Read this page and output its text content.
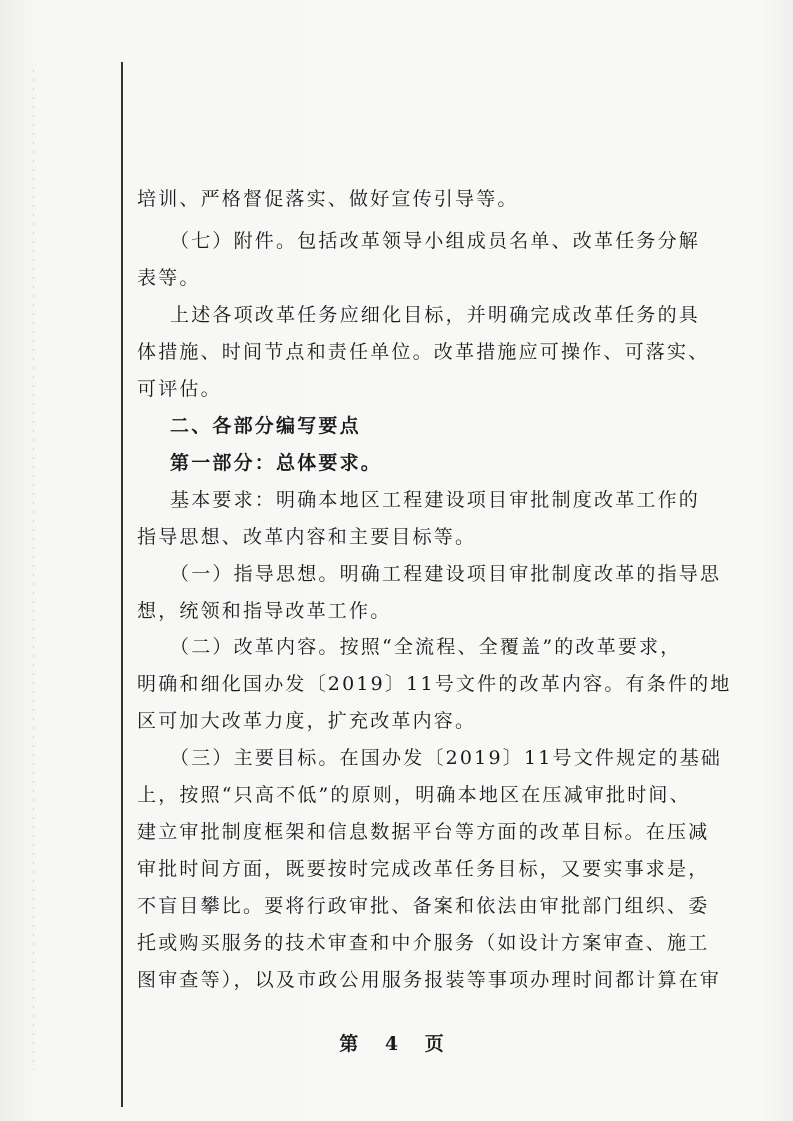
培训、严格督促落实、做好宣传引导等。
（七）附件。包括改革领导小组成员名单、改革任务分解
表等。
上述各项改革任务应细化目标，并明确完成改革任务的具
体措施、时间节点和责任单位。改革措施应可操作、可落实、
可评估。
二、各部分编写要点
第一部分：总体要求。
基本要求：明确本地区工程建设项目审批制度改革工作的
指导思想、改革内容和主要目标等。
（一）指导思想。明确工程建设项目审批制度改革的指导思
想，统领和指导改革工作。
（二）改革内容。按照“全流程、全覆盖”的改革要求，
明确和细化国办发〔2019〕11号文件的改革内容。有条件的地
区可加大改革力度，扩充改革内容。
（三）主要目标。在国办发〔2019〕11号文件规定的基础
上，按照“只高不低”的原则，明确本地区在压减审批时间、
建立审批制度框架和信息数据平台等方面的改革目标。在压减
审批时间方面，既要按时完成改革任务目标，又要实事求是，
不盲目攀比。要将行政审批、备案和依法由审批部门组织、委
托或购买服务的技术审查和中介服务（如设计方案审查、施工
图审查等），以及市政公用服务报装等事项办理时间都计算在审
第 4 页
